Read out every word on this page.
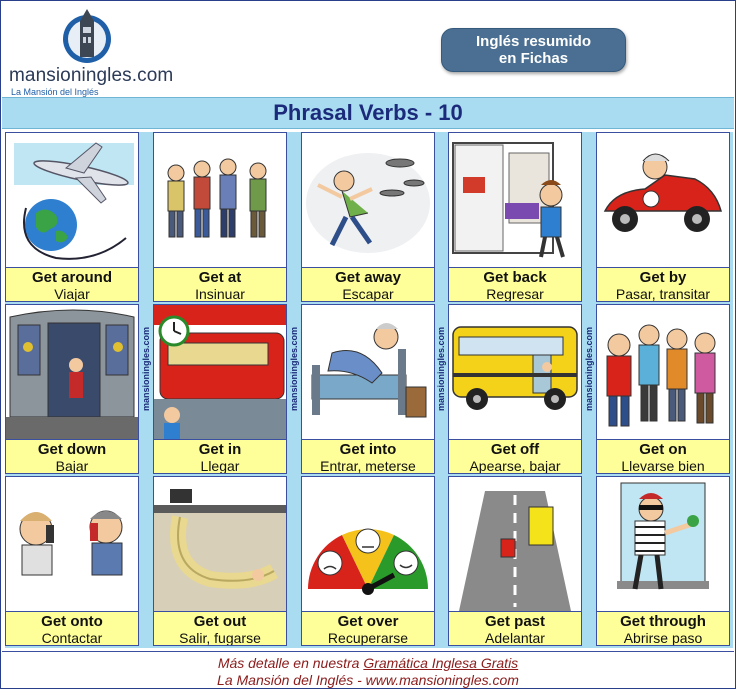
mansioningles.com
La Mansión del Inglés
Inglés resumido
en Fichas
Phrasal Verbs - 10
Get around
Viajar
Get at
Insinuar
Get away
Escapar
Get back
Regresar
Get by
Pasar, transitar
Get down
Bajar
Get in
Llegar
Get into
Entrar, meterse
Get off
Apearse, bajar
Get on
Llevarse bien
Get onto
Contactar
Get out
Salir, fugarse
Get over
Recuperarse
Get past
Adelantar
Get through
Abrirse paso
mansioningles.com	mansioningles.com	mansioningles.com	mansioningles.com
Más detalle en nuestra Gramática Inglesa Gratis
La Mansión del Inglés - www.mansioningles.com
